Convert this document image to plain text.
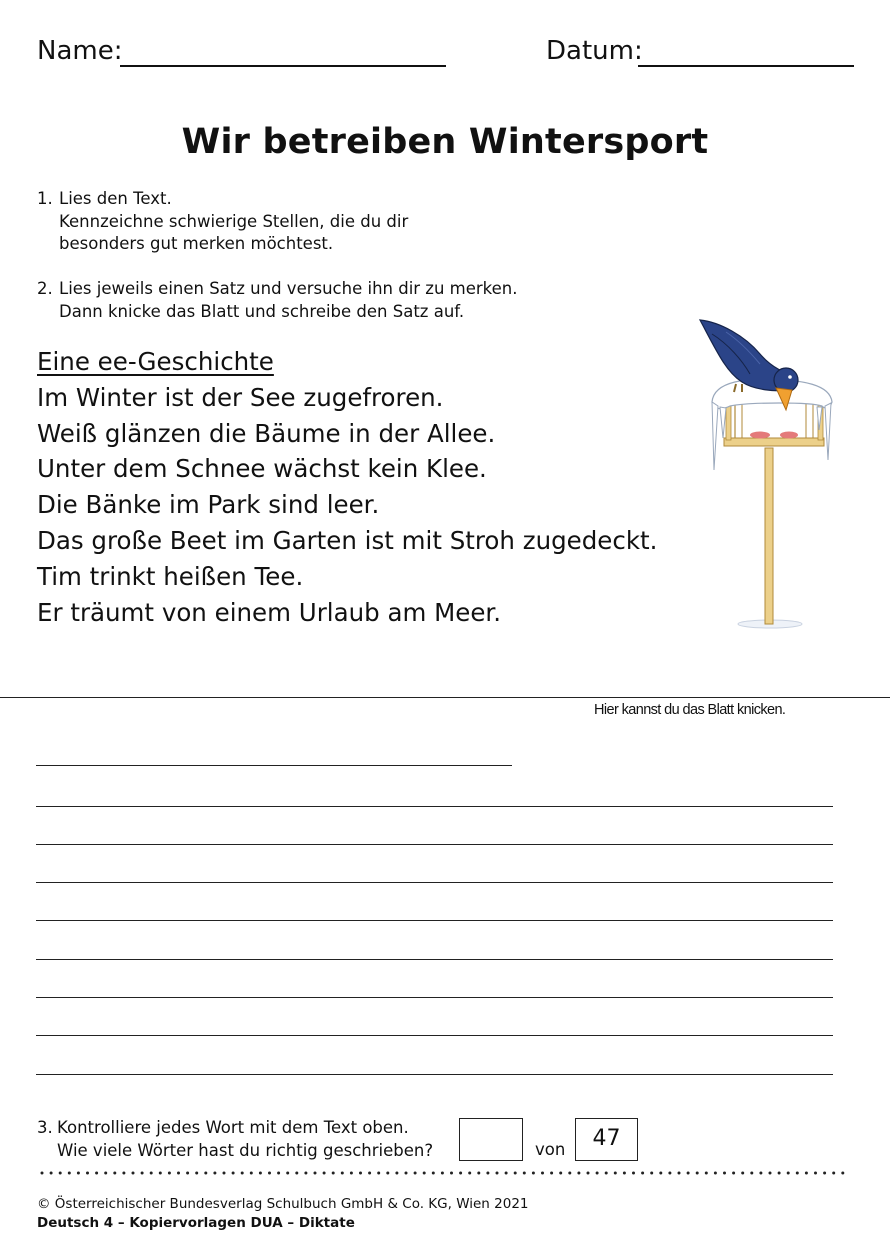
Name:	Datum:
Wir betreiben Wintersport
1. Lies den Text.
Kennzeichne schwierige Stellen, die du dir
besonders gut merken möchtest.
2. Lies jeweils einen Satz und versuche ihn dir zu merken.
Dann knicke das Blatt und schreibe den Satz auf.
Eine ee-Geschichte
Im Winter ist der See zugefroren.
Weiß glänzen die Bäume in der Allee.
Unter dem Schnee wächst kein Klee.
Die Bänke im Park sind leer.
Das große Beet im Garten ist mit Stroh zugedeckt.
Tim trinkt heißen Tee.
Er träumt von einem Urlaub am Meer.
Hier kannst du das Blatt knicken.
3. Kontrolliere jedes Wort mit dem Text oben.
Wie viele Wörter hast du richtig geschrieben?	von	47
© Österreichischer Bundesverlag Schulbuch GmbH & Co. KG, Wien 2021
Deutsch 4 – Kopiervorlagen DUA – Diktate
